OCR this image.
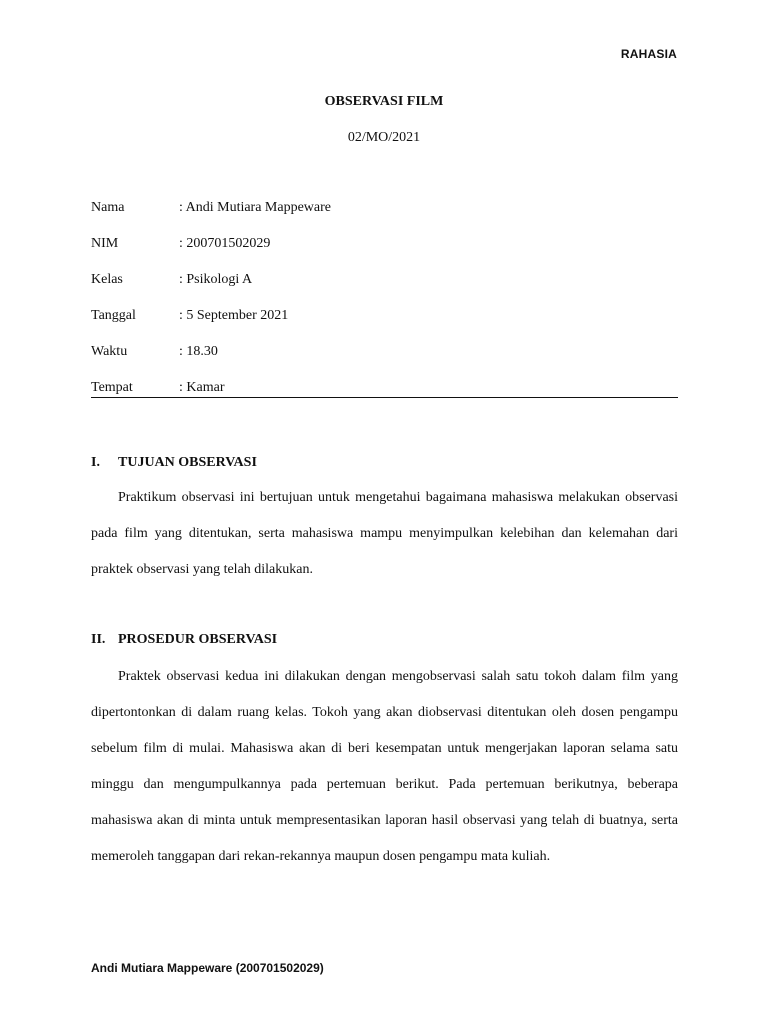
RAHASIA
OBSERVASI FILM
02/MO/2021
Nama	: Andi Mutiara Mappeware
NIM	: 200701502029
Kelas	: Psikologi A
Tanggal	: 5 September 2021
Waktu	: 18.30
Tempat	: Kamar
I. TUJUAN OBSERVASI

Praktikum observasi ini bertujuan untuk mengetahui bagaimana mahasiswa melakukan observasi pada film yang ditentukan, serta mahasiswa mampu menyimpulkan kelebihan dan kelemahan dari praktek observasi yang telah dilakukan.

II. PROSEDUR OBSERVASI

Praktek observasi kedua ini dilakukan dengan mengobservasi salah satu tokoh dalam film yang dipertontonkan di dalam ruang kelas. Tokoh yang akan diobservasi ditentukan oleh dosen pengampu sebelum film di mulai. Mahasiswa akan di beri kesempatan untuk mengerjakan laporan selama satu minggu dan mengumpulkannya pada pertemuan berikut. Pada pertemuan berikutnya, beberapa mahasiswa akan di minta untuk mempresentasikan laporan hasil observasi yang telah di buatnya, serta memeroleh tanggapan dari rekan-rekannya maupun dosen pengampu mata kuliah.

Andi Mutiara Mappeware (200701502029)
